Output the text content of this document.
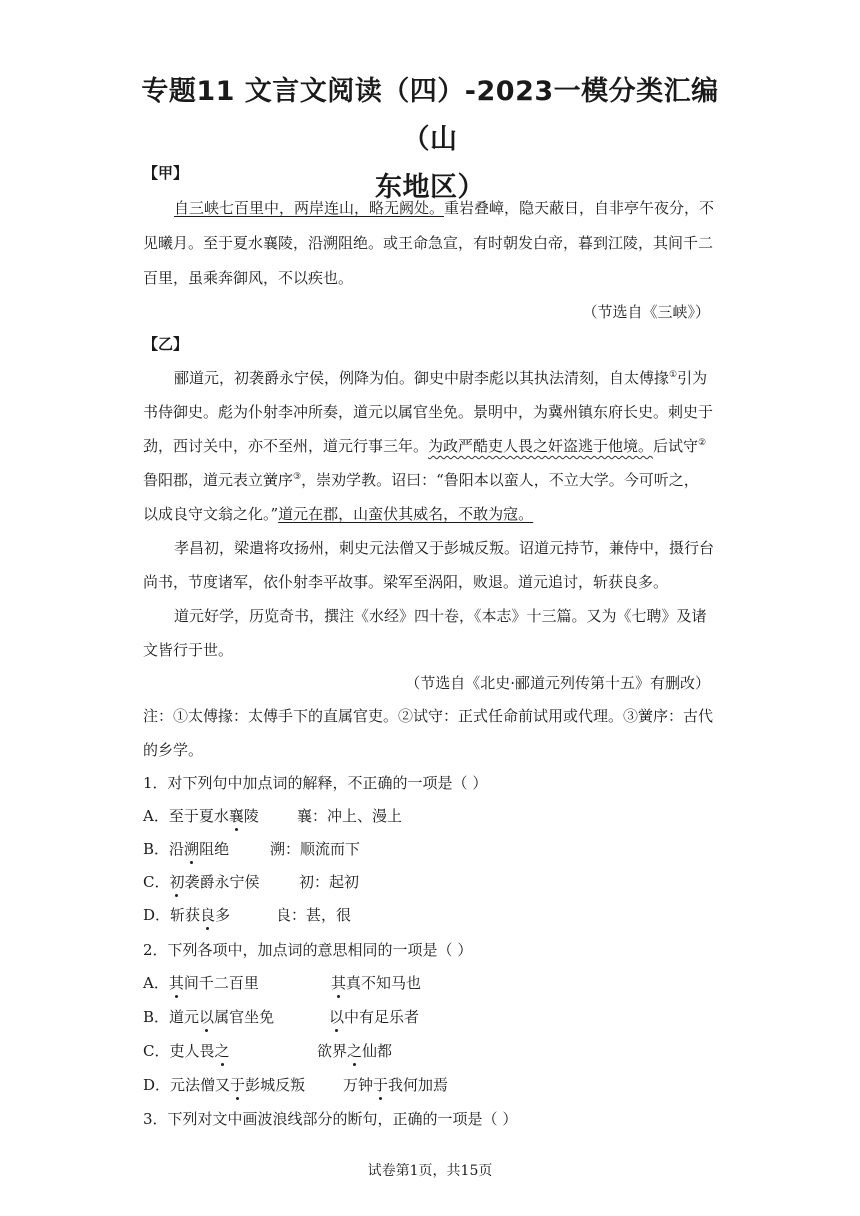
专题11 文言文阅读（四）-2023一模分类汇编（山
东地区）
【甲】
自三峡七百里中，两岸连山，略无阙处。重岩叠嶂，隐天蔽日，自非亭午夜分，不
见曦月。至于夏水襄陵，沿溯阻绝。或王命急宣，有时朝发白帝，暮到江陵，其间千二
百里，虽乘奔御风，不以疾也。
（节选自《三峡》）
【乙】
郦道元，初袭爵永宁侯，例降为伯。御史中尉李彪以其执法清刻，自太傅掾①引为
书侍御史。彪为仆射李冲所奏，道元以属官坐免。景明中，为冀州镇东府长史。刺史于
劲，西讨关中，亦不至州，道元行事三年。为政严酷吏人畏之奸盗逃于他境。后试守②
鲁阳郡，道元表立黉序③，崇劝学教。诏曰：“鲁阳本以蛮人，不立大学。今可听之，
以成良守文翁之化。”道元在郡，山蛮伏其威名，不敢为寇。
孝昌初，梁遣将攻扬州，刺史元法僧又于彭城反叛。诏道元持节，兼侍中，摄行台
尚书，节度诸军，依仆射李平故事。梁军至涡阳，败退。道元追讨，斩获良多。
道元好学，历览奇书，撰注《水经》四十卷，《本志》十三篇。又为《七聘》及诸
文皆行于世。
（节选自《北史·郦道元列传第十五》有删改）
注：①太傅掾：太傅手下的直属官吏。②试守：正式任命前试用或代理。③黉序：古代
的乡学。
1．对下列句中加点词的解释，不正确的一项是（ ）
A．至于夏水襄陵	襄：冲上、漫上
B．沿溯阻绝	溯：顺流而下
C．初袭爵永宁侯	初：起初
D．斩获良多	良：甚，很
2．下列各项中，加点词的意思相同的一项是（ ）
A．其间千二百里	其真不知马也
B．道元以属官坐免	以中有足乐者
C．吏人畏之	欲界之仙都
D．元法僧又于彭城反叛	万钟于我何加焉
3．下列对文中画波浪线部分的断句，正确的一项是（ ）
试卷第1页，共15页
